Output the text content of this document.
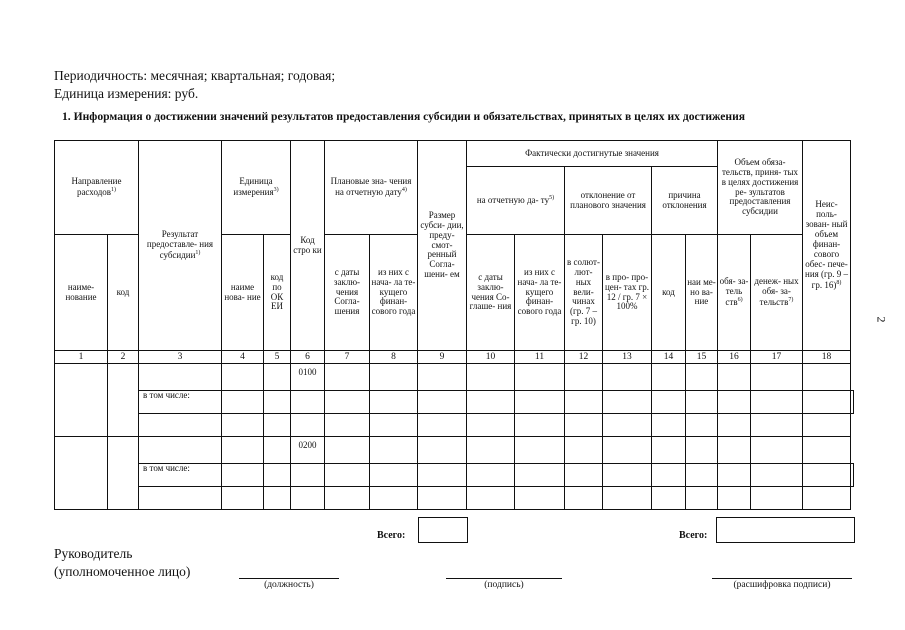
Периодичность: месячная; квартальная; годовая;
Единица измерения: руб.
1. Информация о достижении значений результатов предоставления субсидии и обязательствах, принятых в целях их достижения
2
Направление расходов$^{1)}$		Результат предоставле- ния субсидии$^{1)}$	Единица измерения$^{3)}$		Код стро ки	Плановые зна- чения на отчетную дату$^{4)}$		Размер субси- дии, преду- смот- ренный Согла- шени- ем	Фактически достигнутые значения						Объем обяза- тельств, приня- тых в целях достижения ре- зультатов предоставления субсидии		Неис- поль- зован- ный объем финан- сового обес- пече- ния (гр. 9 – гр. 16)$^{8)}$
									на отчетную да- $ту^{5)}$		отклонение от планового значения		причина отклонения					
наиме- нование	код		наиме нова- ние	код по ОК ЕИ		с даты заклю- чения Согла- шения	из них с нача- ла те- кущего финан- сового года		с даты заклю- чения Со- глаше- ния	из них с нача- ла те- кущего финан- сового года	в солют- лют- ных вели- чинах (гр. 7 – гр. 10)	в про- про- цен- тах гр. 12 / гр. 7 × 100%	код	наи ме- но ва- ние	обя- за- тель ств$^{6)}$	денеж- ных обя- за- тельств$^{7)}$
1	2	3	4	5	6	7	8	9	10	11	12	13	14	15	16	17	18	
					0100													
		в том числе:																

					0200													
		в том числе:																

Всего:	Всего:
Руководитель
(уполномоченное лицо)
(должность)	(подпись)	(расшифровка подписи)
